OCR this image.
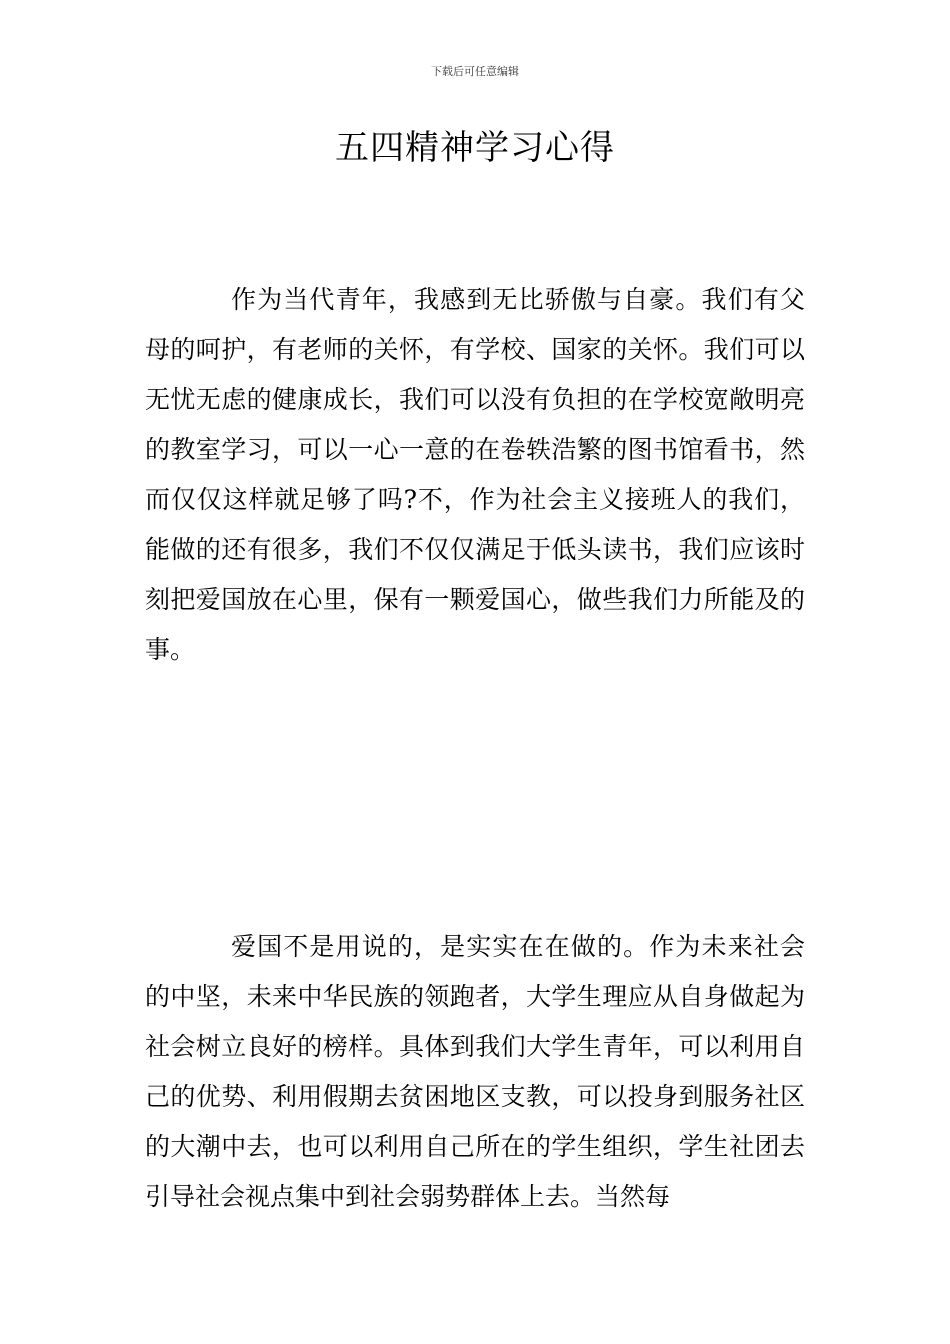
下载后可任意编辑
五四精神学习心得

作为当代青年，我感到无比骄傲与自豪。我们有父母的呵护，有老师的关怀，有学校、国家的关怀。我们可以无忧无虑的健康成长，我们可以没有负担的在学校宽敞明亮的教室学习，可以一心一意的在卷轶浩繁的图书馆看书，然而仅仅这样就足够了吗?不，作为社会主义接班人的我们，能做的还有很多，我们不仅仅满足于低头读书，我们应该时刻把爱国放在心里，保有一颗爱国心，做些我们力所能及的事。

爱国不是用说的，是实实在在做的。作为未来社会的中坚，未来中华民族的领跑者，大学生理应从自身做起为社会树立良好的榜样。具体到我们大学生青年，可以利用自己的优势、利用假期去贫困地区支教，可以投身到服务社区的大潮中去，也可以利用自己所在的学生组织，学生社团去引导社会视点集中到社会弱势群体上去。当然每
